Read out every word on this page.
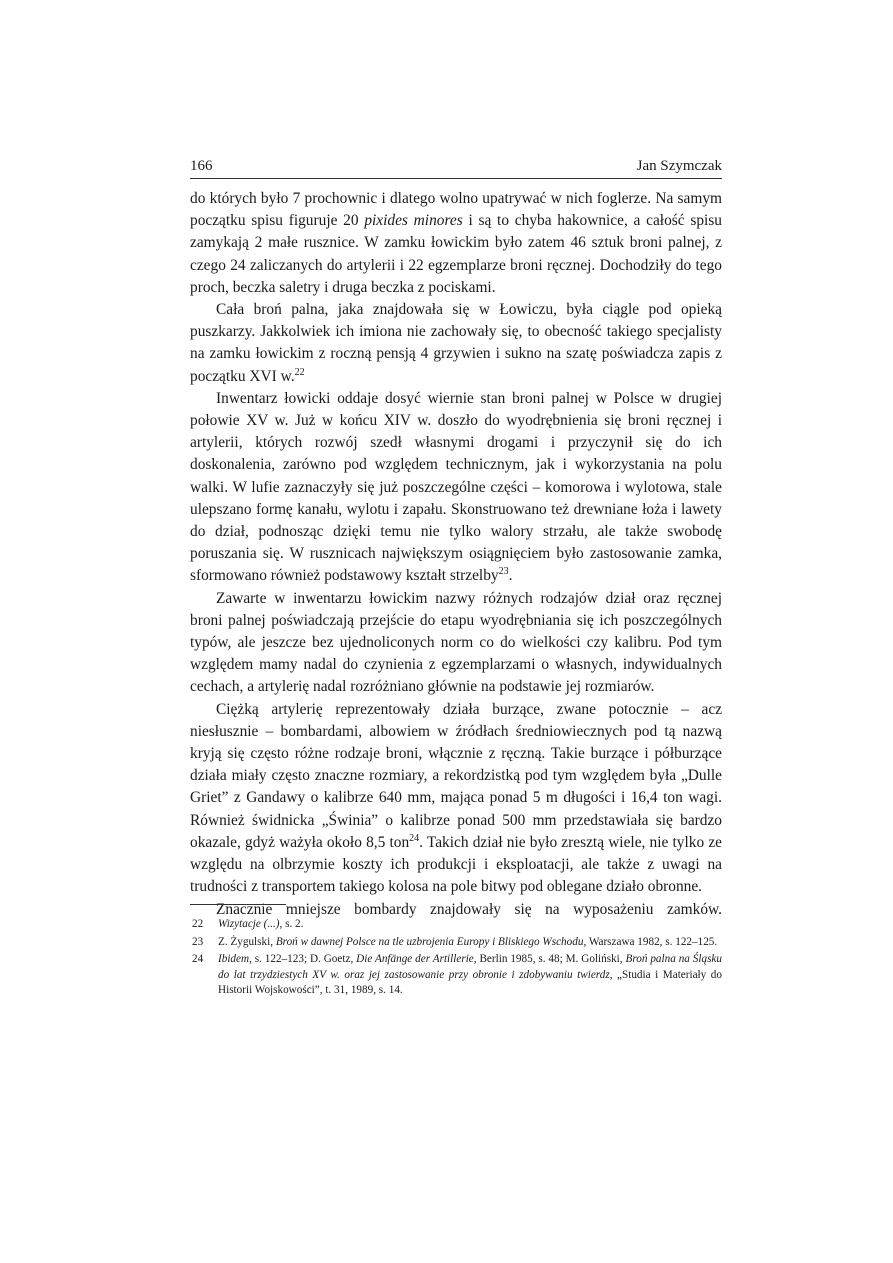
166	Jan Szymczak

do których było 7 prochownic i dlatego wolno upatrywać w nich foglerze. Na samym początku spisu figuruje 20 pixides minores i są to chyba hakownice, a całość spisu zamykają 2 małe rusznice. W zamku łowickim było zatem 46 sztuk broni palnej, z czego 24 zaliczanych do artylerii i 22 egzemplarze broni ręcznej. Dochodziły do tego proch, beczka saletry i druga beczka z pociskami.

Cała broń palna, jaka znajdowała się w Łowiczu, była ciągle pod opieką puszkarzy. Jakkolwiek ich imiona nie zachowały się, to obecność takiego specjalisty na zamku łowickim z roczną pensją 4 grzywien i sukno na szatę poświadcza zapis z początku XVI w.$^{22}$

Inwentarz łowicki oddaje dosyć wiernie stan broni palnej w Polsce w drugiej połowie XV w. Już w końcu XIV w. doszło do wyodrębnienia się broni ręcznej i artylerii, których rozwój szedł własnymi drogami i przyczynił się do ich doskonalenia, zarówno pod względem technicznym, jak i wykorzystania na polu walki. W lufie zaznaczyły się już poszczególne części – komorowa i wylotowa, stale ulepszano formę kanału, wylotu i zapału. Skonstruowano też drewniane łoża i lawety do dział, podnosząc dzięki temu nie tylko walory strzału, ale także swobodę poruszania się. W rusznicach największym osiągnięciem było zastosowanie zamka, sformowano również podstawowy kształt strzelby$^{23}$.

Zawarte w inwentarzu łowickim nazwy różnych rodzajów dział oraz ręcznej broni palnej poświadczają przejście do etapu wyodrębniania się ich poszczególnych typów, ale jeszcze bez ujednoliconych norm co do wielkości czy kalibru. Pod tym względem mamy nadal do czynienia z egzemplarzami o własnych, indywidualnych cechach, a artylerię nadal rozróżniano głównie na podstawie jej rozmiarów.

Ciężką artylerię reprezentowały działa burzące, zwane potocznie – acz niesłusznie – bombardami, albowiem w źródłach średniowiecznych pod tą nazwą kryją się często różne rodzaje broni, włącznie z ręczną. Takie burzące i półburzące działa miały często znaczne rozmiary, a rekordzistką pod tym względem była „Dulle Griet” z Gandawy o kalibrze 640 mm, mająca ponad 5 m długości i 16,4 ton wagi. Również świdnicka „Świnia” o kalibrze ponad 500 mm przedstawiała się bardzo okazale, gdyż ważyła około 8,5 ton$^{24}$. Takich dział nie było zresztą wiele, nie tylko ze względu na olbrzymie koszty ich produkcji i eksploatacji, ale także z uwagi na trudności z transportem takiego kolosa na pole bitwy pod oblegane działo obronne.

Znacznie mniejsze bombardy znajdowały się na wyposażeniu zamków.

22 Wizytacje (...), s. 2.
23 Z. Żygulski, Broń w dawnej Polsce na tle uzbrojenia Europy i Bliskiego Wschodu, Warszawa 1982, s. 122–125.
24 Ibidem, s. 122–123; D. Goetz, Die Anfänge der Artillerie, Berlin 1985, s. 48; M. Goliński, Broń palna na Śląsku do lat trzydziestych XV w. oraz jej zastosowanie przy obronie i zdobywaniu twierdz, „Studia i Materiały do Historii Wojskowości”, t. 31, 1989, s. 14.
